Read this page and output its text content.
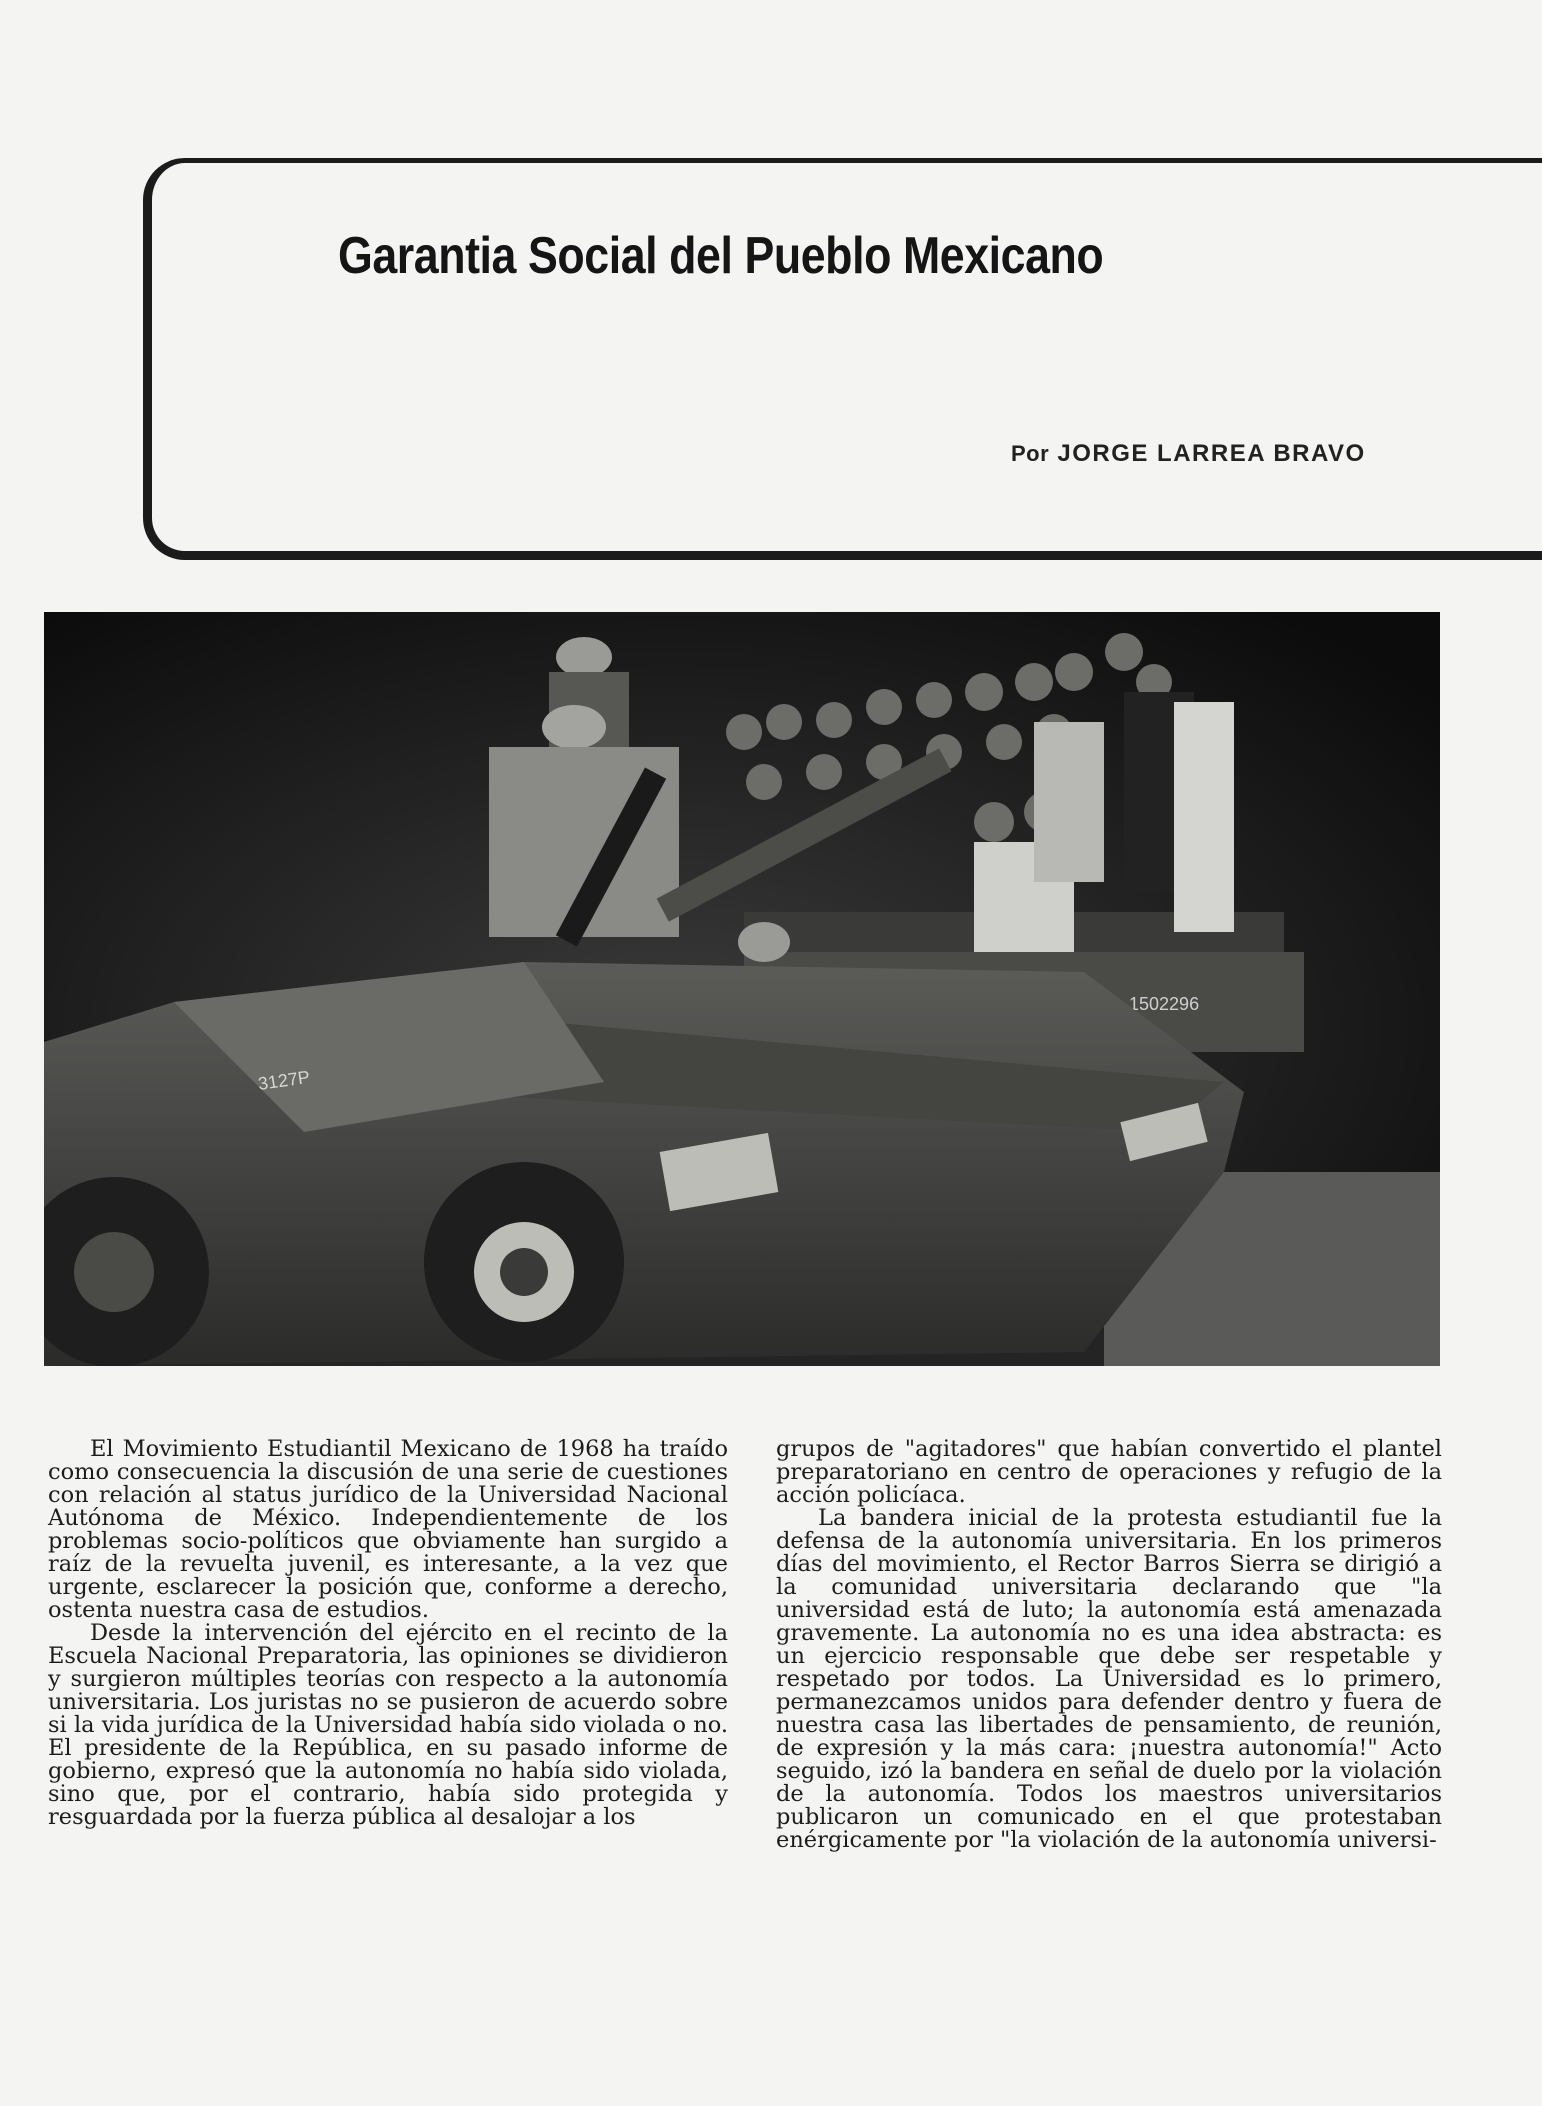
Garantia Social del Pueblo Mexicano
Por JORGE LARREA BRAVO
1502296
3127P

El Movimiento Estudiantil Mexicano de 1968 ha traído como consecuencia la discusión de una serie de cuestiones con relación al status jurídico de la Universidad Nacional Autónoma de México. Independientemente de los problemas socio-políticos que obviamente han surgido a raíz de la revuelta juvenil, es interesante, a la vez que urgente, esclarecer la posición que, conforme a derecho, ostenta nuestra casa de estudios.

Desde la intervención del ejército en el recinto de la Escuela Nacional Preparatoria, las opiniones se dividieron y surgieron múltiples teorías con respecto a la autonomía universitaria. Los juristas no se pusieron de acuerdo sobre si la vida jurídica de la Universidad había sido violada o no. El presidente de la República, en su pasado informe de gobierno, expresó que la autonomía no había sido violada, sino que, por el contrario, había sido protegida y resguardada por la fuerza pública al desalojar a los

grupos de "agitadores" que habían convertido el plantel preparatoriano en centro de operaciones y refugio de la acción policíaca.

La bandera inicial de la protesta estudiantil fue la defensa de la autonomía universitaria. En los primeros días del movimiento, el Rector Barros Sierra se dirigió a la comunidad universitaria declarando que "la universidad está de luto; la autonomía está amenazada gravemente. La autonomía no es una idea abstracta: es un ejercicio responsable que debe ser respetable y respetado por todos. La Universidad es lo primero, permanezcamos unidos para defender dentro y fuera de nuestra casa las libertades de pensamiento, de reunión, de expresión y la más cara: ¡nuestra autonomía!" Acto seguido, izó la bandera en señal de duelo por la violación de la autonomía. Todos los maestros universitarios publicaron un comunicado en el que protestaban enérgicamente por "la violación de la autonomía universi-
